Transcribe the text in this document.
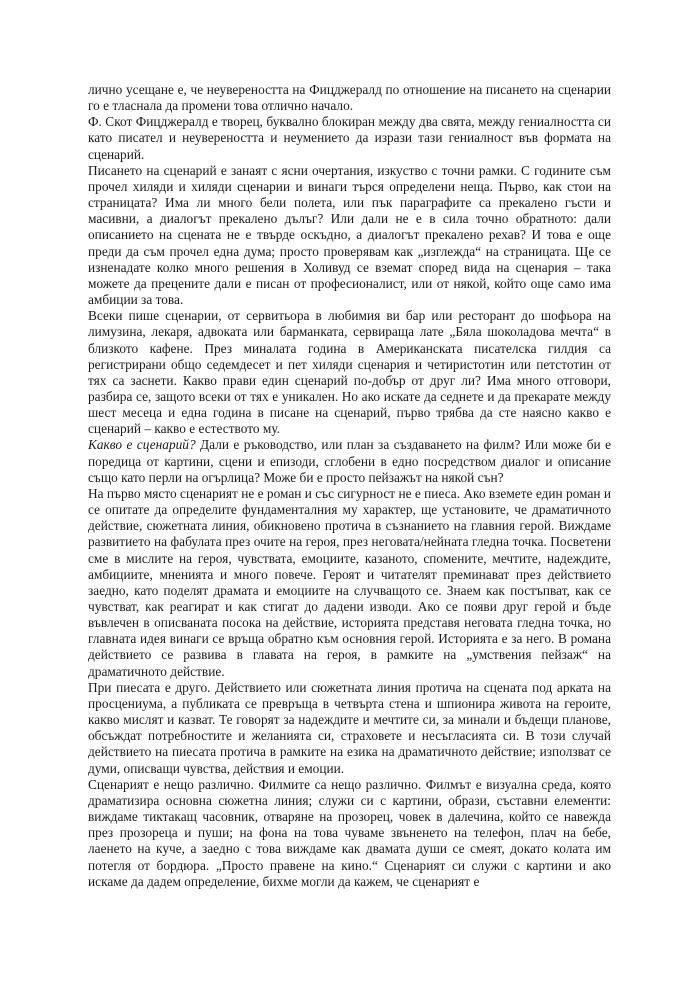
лично усещане е, че неувереността на Фицджералд по отношение на писането на сценарии го е тласнала да промени това отлично начало.

Ф. Скот Фицджералд е творец, буквално блокиран между два свята, между гениалността си като писател и неувереността и неумението да изрази тази гениалност във формата на сценарий.

Писането на сценарий е занаят с ясни очертания, изкуство с точни рамки. С годините съм прочел хиляди и хиляди сценарии и винаги търся определени неща. Първо, как стои на страницата? Има ли много бели полета, или пък параграфите са прекалено гъсти и масивни, а диалогът прекалено дълъг? Или дали не е в сила точно обратното: дали описанието на сцената не е твърде оскъдно, а диалогът прекалено рехав? И това е още преди да съм прочел една дума; просто проверявам как „изглежда“ на страницата. Ще се изненадате колко много решения в Холивуд се вземат според вида на сценария – така можете да прецените дали е писан от професионалист, или от някой, който още само има амбиции за това.

Всеки пише сценарии, от сервитьора в любимия ви бар или ресторант до шофьора на лимузина, лекаря, адвоката или барманката, сервираща лате „Бяла шоколадова мечта“ в близкото кафене. През миналата година в Американската писателска гилдия са регистрирани общо седемдесет и пет хиляди сценария и четиристотин или петстотин от тях са заснети. Какво прави един сценарий по-добър от друг ли? Има много отговори, разбира се, защото всеки от тях е уникален. Но ако искате да седнете и да прекарате между шест месеца и една година в писане на сценарий, първо трябва да сте наясно какво е сценарий – какво е естеството му.

Какво е сценарий? Дали е ръководство, или план за създаването на филм? Или може би е поредица от картини, сцени и епизоди, сглобени в едно посредством диалог и описание също като перли на огърлица? Може би е просто пейзажът на някой сън?

На първо място сценарият не е роман и със сигурност не е пиеса. Ако вземете един роман и се опитате да определите фундаменталния му характер, ще установите, че драматичното действие, сюжетната линия, обикновено протича в съзнанието на главния герой. Виждаме развитието на фабулата през очите на героя, през неговата/нейната гледна точка. Посветени сме в мислите на героя, чувствата, емоциите, казаното, спомените, мечтите, надеждите, амбициите, мненията и много повече. Героят и читателят преминават през действието заедно, като поделят драмата и емоциите на случващото се. Знаем как постъпват, как се чувстват, как реагират и как стигат до дадени изводи. Ако се появи друг герой и бъде въвлечен в описваната посока на действие, историята представя неговата гледна точка, но главната идея винаги се връща обратно към основния герой. Историята е за него. В романа действието се развива в главата на героя, в рамките на „умствения пейзаж“ на драматичното действие.

При пиесата е друго. Действието или сюжетната линия протича на сцената под арката на просцениума, а публиката се превръща в четвърта стена и шпионира живота на героите, какво мислят и казват. Те говорят за надеждите и мечтите си, за минали и бъдещи планове, обсъждат потребностите и желанията си, страховете и несъгласията си. В този случай действието на пиесата протича в рамките на езика на драматичното действие; използват се думи, описващи чувства, действия и емоции.

Сценарият е нещо различно. Филмите са нещо различно. Филмът е визуална среда, която драматизира основна сюжетна линия; служи си с картини, образи, съставни елементи: виждаме тиктакащ часовник, отваряне на прозорец, човек в далечина, който се навежда през прозореца и пуши; на фона на това чуваме звъненето на телефон, плач на бебе, лаенето на куче, а заедно с това виждаме как двамата души се смеят, докато колата им потегля от бордюра. „Просто правене на кино.“ Сценарият си служи с картини и ако искаме да дадем определение, бихме могли да кажем, че сценарият е
